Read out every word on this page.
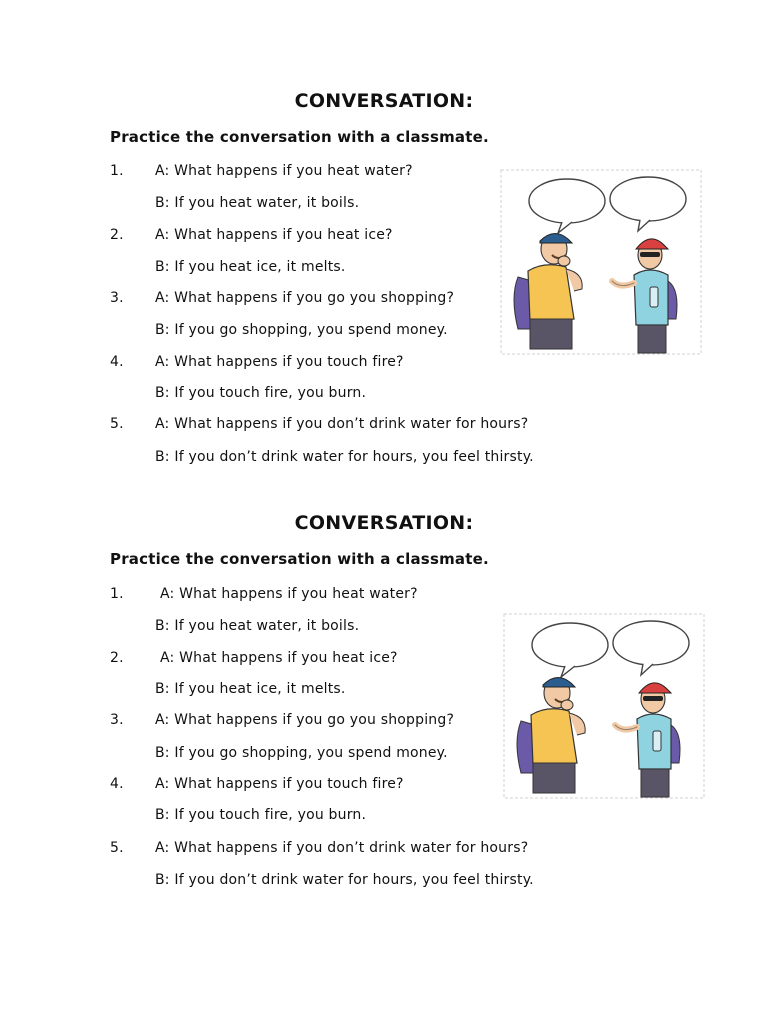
CONVERSATION:

Practice the conversation with a classmate.

1. A: What happens if you heat water?
B: If you heat water, it boils.
2. A: What happens if you heat ice?
B: If you heat ice, it melts.
3. A: What happens if you go you shopping?
B: If you go shopping, you spend money.
4. A: What happens if you touch fire?
B: If you touch fire, you burn.
5. A: What happens if you don’t drink water for hours?
B: If you don’t drink water for hours, you feel thirsty.
CONVERSATION:

Practice the conversation with a classmate.

1.	A: What happens if you heat water?
B: If you heat water, it boils.
2.	A: What happens if you heat ice?
B: If you heat ice, it melts.
3. A: What happens if you go you shopping?
B: If you go shopping, you spend money.
4. A: What happens if you touch fire?
B: If you touch fire, you burn.
5. A: What happens if you don’t drink water for hours?
B: If you don’t drink water for hours, you feel thirsty.
